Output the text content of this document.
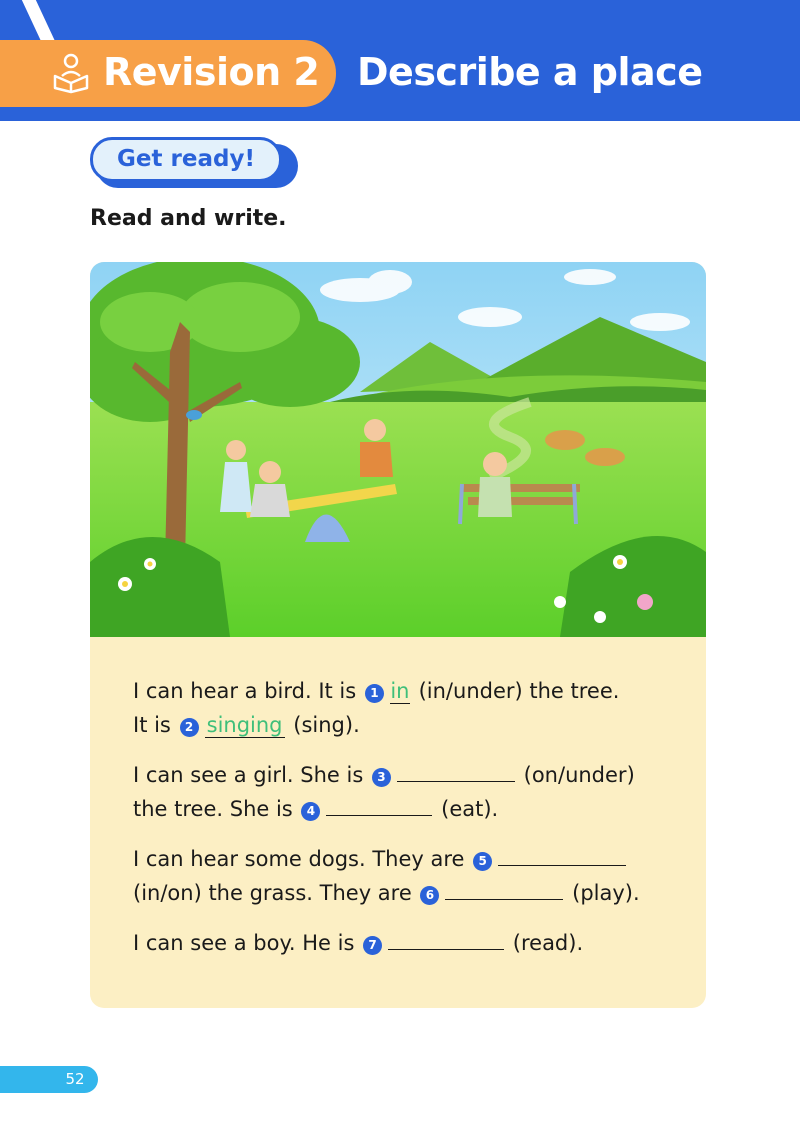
Revision 2 Describe a place
Get ready!
Read and write.
I can hear a bird. It is 1 in (in/under) the tree.
It is 2 singing (sing).
I can see a girl. She is 3	(on/under)
the tree. She is 4	(eat).
I can hear some dogs. They are 5
(in/on) the grass. They are 6	(play).
I can see a boy. He is 7	(read).
52
